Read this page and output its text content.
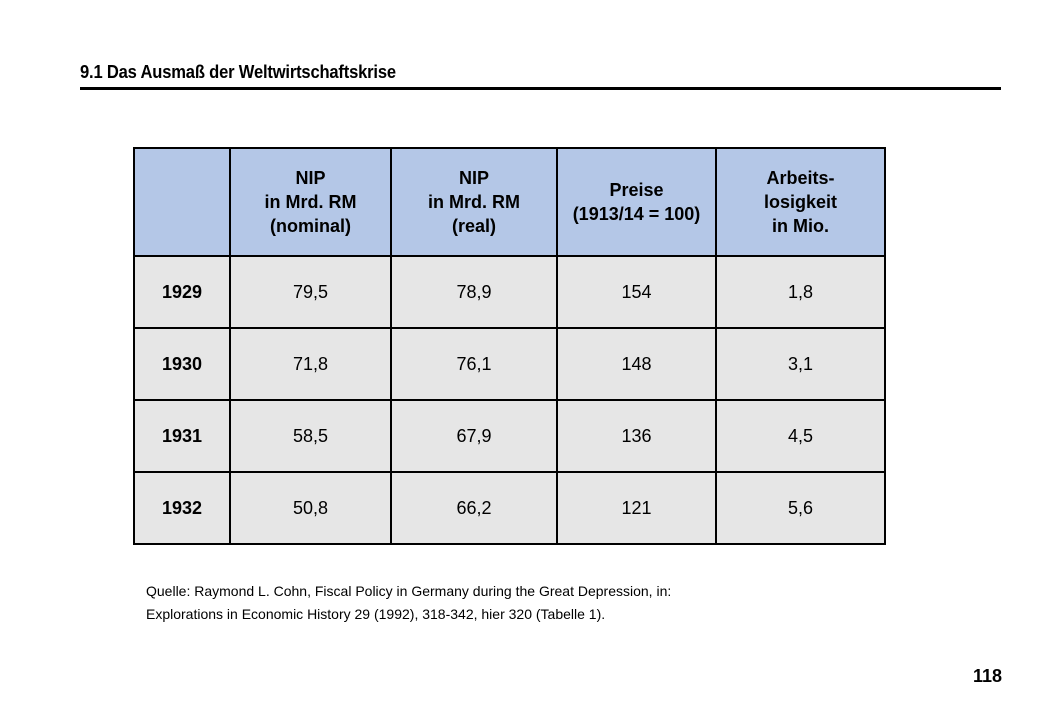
9.1 Das Ausmaß der Weltwirtschaftskrise

	NIP
in Mrd. RM
(nominal)	NIP
in Mrd. RM
(real)	Preise
(1913/14 = 100)	Arbeits-
losigkeit
in Mio.

1929	79,5	78,9	154	1,8
1930	71,8	76,1	148	3,1
1931	58,5	67,9	136	4,5
1932	50,8	66,2	121	5,6
Quelle: Raymond L. Cohn, Fiscal Policy in Germany during the Great Depression, in:
Explorations in Economic History 29 (1992), 318-342, hier 320 (Tabelle 1).
118
